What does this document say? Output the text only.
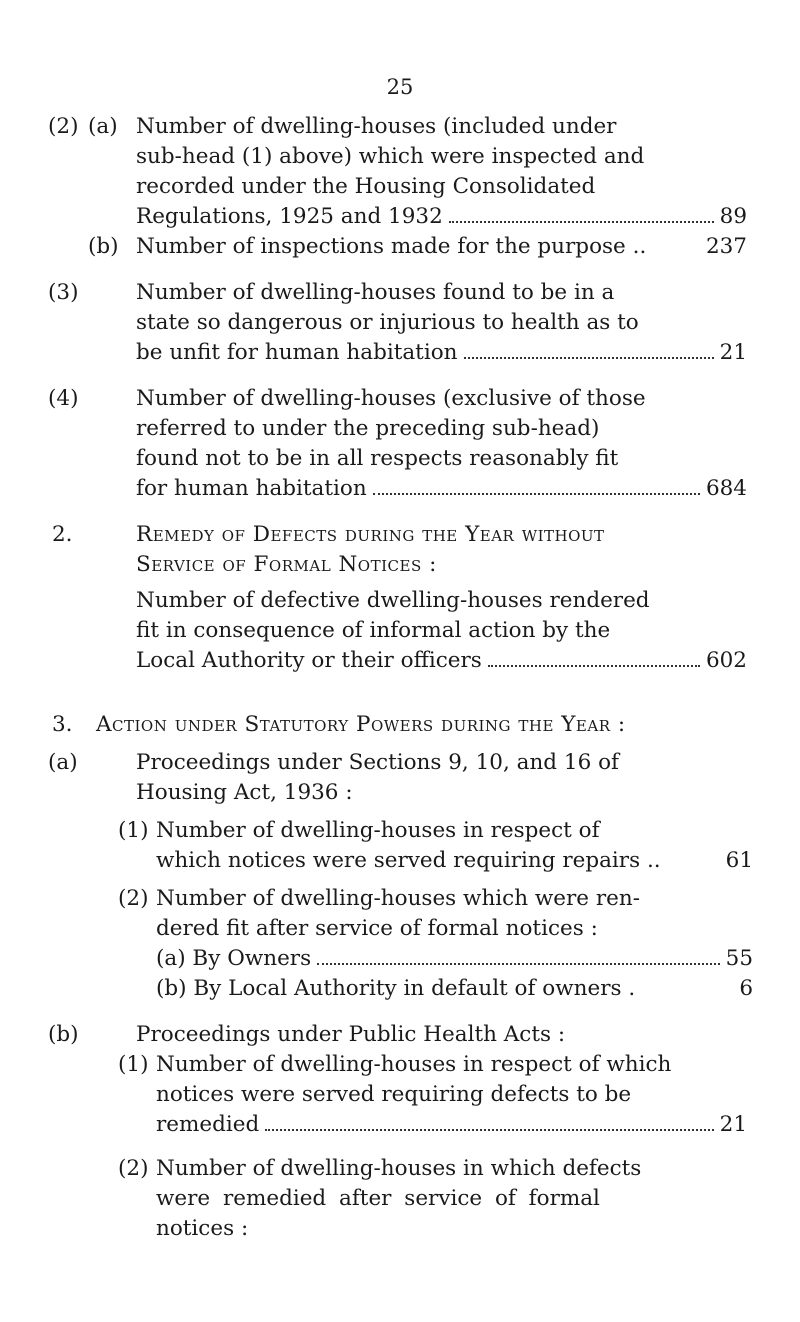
25
(2) (a) Number of dwelling-houses (included under
sub-head (1) above) which were inspected and
recorded under the Housing Consolidated
Regulations, 1925 and 1932	89
(b) Number of inspections made for the purpose ..	237
(3)	Number of dwelling-houses found to be in a
state so dangerous or injurious to health as to
be unfit for human habitation	21
(4)	Number of dwelling-houses (exclusive of those
referred to under the preceding sub-head)
found not to be in all respects reasonably fit
for human habitation	684
2.	Remedy of Defects during the Year without
Service of Formal Notices :
Number of defective dwelling-houses rendered
fit in consequence of informal action by the
Local Authority or their officers	602
3. Action under Statutory Powers during the Year :
(a)	Proceedings under Sections 9, 10, and 16 of
Housing Act, 1936 :
(1) Number of dwelling-houses in respect of
which notices were served requiring repairs ..	61
(2) Number of dwelling-houses which were ren-
dered fit after service of formal notices :
(a) By Owners	55
(b) By Local Authority in default of owners .	6
(b)	Proceedings under Public Health Acts :
(1) Number of dwelling-houses in respect of which
notices were served requiring defects to be
remedied	21
(2) Number of dwelling-houses in which defects
were remedied after service of formal
notices :
